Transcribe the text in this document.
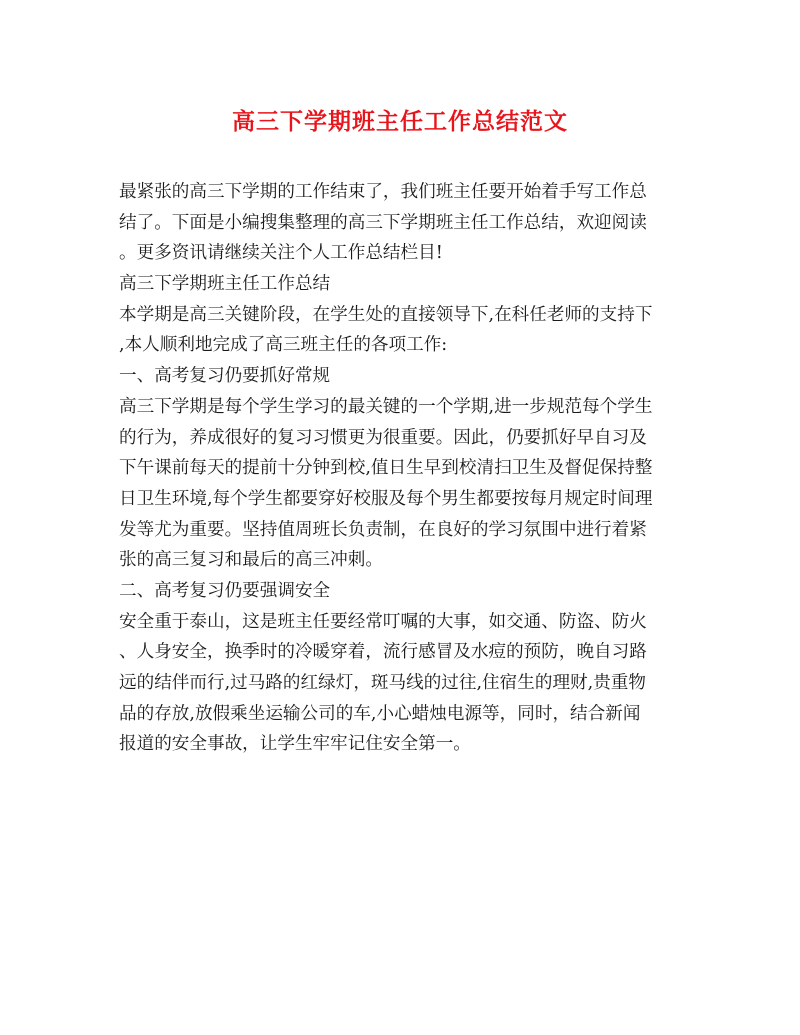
高三下学期班主任工作总结范文
最紧张的高三下学期的工作结束了，我们班主任要开始着手写工作总
结了。下面是小编搜集整理的高三下学期班主任工作总结，欢迎阅读
。更多资讯请继续关注个人工作总结栏目!
高三下学期班主任工作总结
本学期是高三关键阶段，在学生处的直接领导下,在科任老师的支持下
,本人顺利地完成了高三班主任的各项工作:
一、高考复习仍要抓好常规
高三下学期是每个学生学习的最关键的一个学期,进一步规范每个学生
的行为，养成很好的复习习惯更为很重要。因此，仍要抓好早自习及
下午课前每天的提前十分钟到校,值日生早到校清扫卫生及督促保持整
日卫生环境,每个学生都要穿好校服及每个男生都要按每月规定时间理
发等尤为重要。坚持值周班长负责制，在良好的学习氛围中进行着紧
张的高三复习和最后的高三冲刺。
二、高考复习仍要强调安全
安全重于泰山，这是班主任要经常叮嘱的大事，如交通、防盗、防火
、人身安全，换季时的冷暖穿着，流行感冒及水痘的预防，晚自习路
远的结伴而行,过马路的红绿灯，斑马线的过往,住宿生的理财,贵重物
品的存放,放假乘坐运输公司的车,小心蜡烛电源等，同时，结合新闻
报道的安全事故，让学生牢牢记住安全第一。
